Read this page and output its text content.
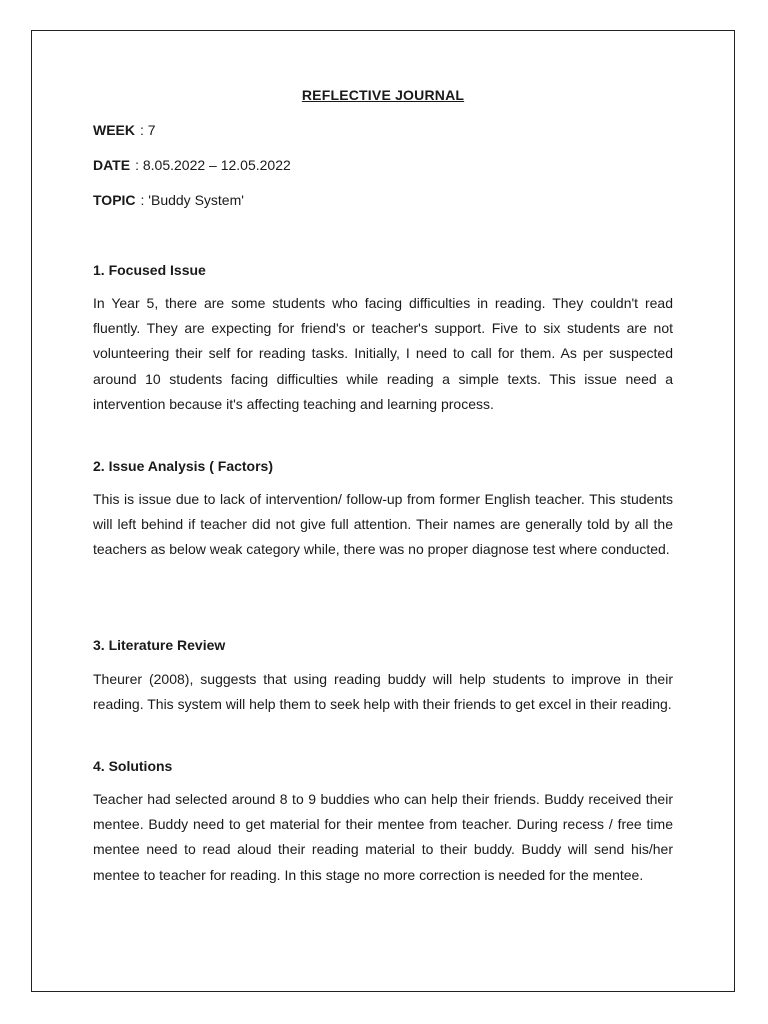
REFLECTIVE JOURNAL
WEEK : 7
DATE : 8.05.2022 – 12.05.2022
TOPIC : 'Buddy System'
1. Focused Issue

In Year 5, there are some students who facing difficulties in reading. They couldn't read fluently. They are expecting for friend's or teacher's support. Five to six students are not volunteering their self for reading tasks. Initially, I need to call for them. As per suspected around 10 students facing difficulties while reading a simple texts. This issue need a intervention because it's affecting teaching and learning process.

2. Issue Analysis ( Factors)

This is issue due to lack of intervention/ follow-up from former English teacher. This students will left behind if teacher did not give full attention. Their names are generally told by all the teachers as below weak category while, there was no proper diagnose test where conducted.

3. Literature Review

Theurer (2008), suggests that using reading buddy will help students to improve in their reading. This system will help them to seek help with their friends to get excel in their reading.

4. Solutions

Teacher had selected around 8 to 9 buddies who can help their friends. Buddy received their mentee. Buddy need to get material for their mentee from teacher. During recess / free time mentee need to read aloud their reading material to their buddy. Buddy will send his/her mentee to teacher for reading. In this stage no more correction is needed for the mentee.
